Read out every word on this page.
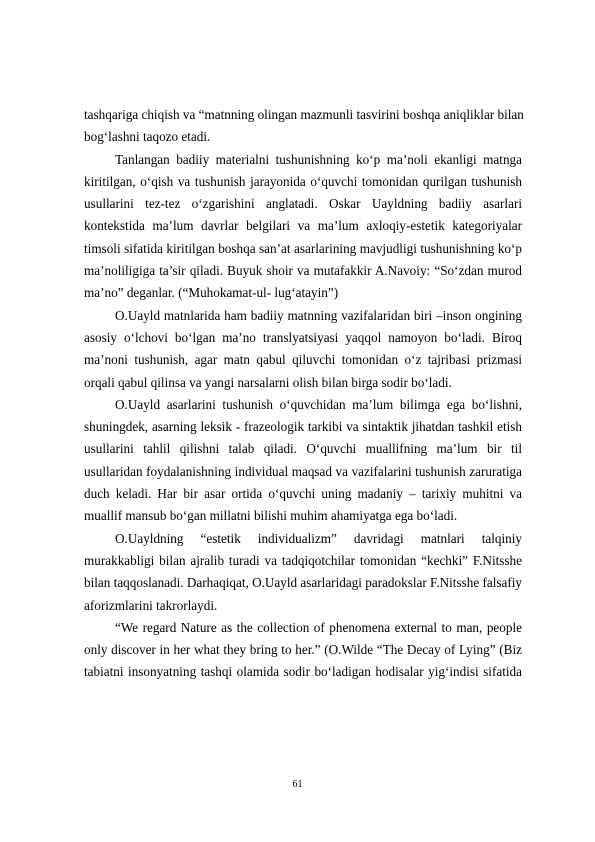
tashqariga chiqish va “matnning olingan mazmunli tasvirini boshqa aniqliklar bilan
bog‘lashni taqozo etadi.
Tanlangan badiiy materialni tushunishning ko‘p ma’noli ekanligi matnga
kiritilgan, o‘qish va tushunish jarayonida o‘quvchi tomonidan qurilgan tushunish
usullarini tez-tez o‘zgarishini anglatadi. Oskar Uayldning badiiy asarlari
kontekstida ma’lum davrlar belgilari va ma’lum axloqiy-estetik kategoriyalar
timsoli sifatida kiritilgan boshqa san’at asarlarining mavjudligi tushunishning ko‘p
ma’noliligiga ta’sir qiladi. Buyuk shoir va mutafakkir A.Navoiy: “So‘zdan murod
ma’no” deganlar. (“Muhokamat-ul- lug‘atayin”)
O.Uayld matnlarida ham badiiy matnning vazifalaridan biri –inson ongining
asosiy o‘lchovi bo‘lgan ma’no translyatsiyasi yaqqol namoyon bo‘ladi. Biroq
ma’noni tushunish, agar matn qabul qiluvchi tomonidan o‘z tajribasi prizmasi
orqali qabul qilinsa va yangi narsalarni olish bilan birga sodir bo‘ladi.
O.Uayld asarlarini tushunish o‘quvchidan ma’lum bilimga ega bo‘lishni,
shuningdek, asarning leksik - frazeologik tarkibi va sintaktik jihatdan tashkil etish
usullarini tahlil qilishni talab qiladi. O‘quvchi muallifning ma’lum bir til
usullaridan foydalanishning individual maqsad va vazifalarini tushunish zaruratiga
duch keladi. Har bir asar ortida o‘quvchi uning madaniy – tarixiy muhitni va
muallif mansub bo‘gan millatni bilishi muhim ahamiyatga ega bo‘ladi.
O.Uayldning “estetik individualizm” davridagi matnlari talqiniy
murakkabligi bilan ajralib turadi va tadqiqotchilar tomonidan “kechki” F.Nitsshe
bilan taqqoslanadi. Darhaqiqat, O.Uayld asarlaridagi paradokslar F.Nitsshe falsafiy
aforizmlarini takrorlaydi.
“We regard Nature as the collection of phenomena external to man, people
only discover in her what they bring to her.” (O.Wilde “The Decay of Lying” (Biz
tabiatni insonyatning tashqi olamida sodir bo‘ladigan hodisalar yig‘indisi sifatida
61
